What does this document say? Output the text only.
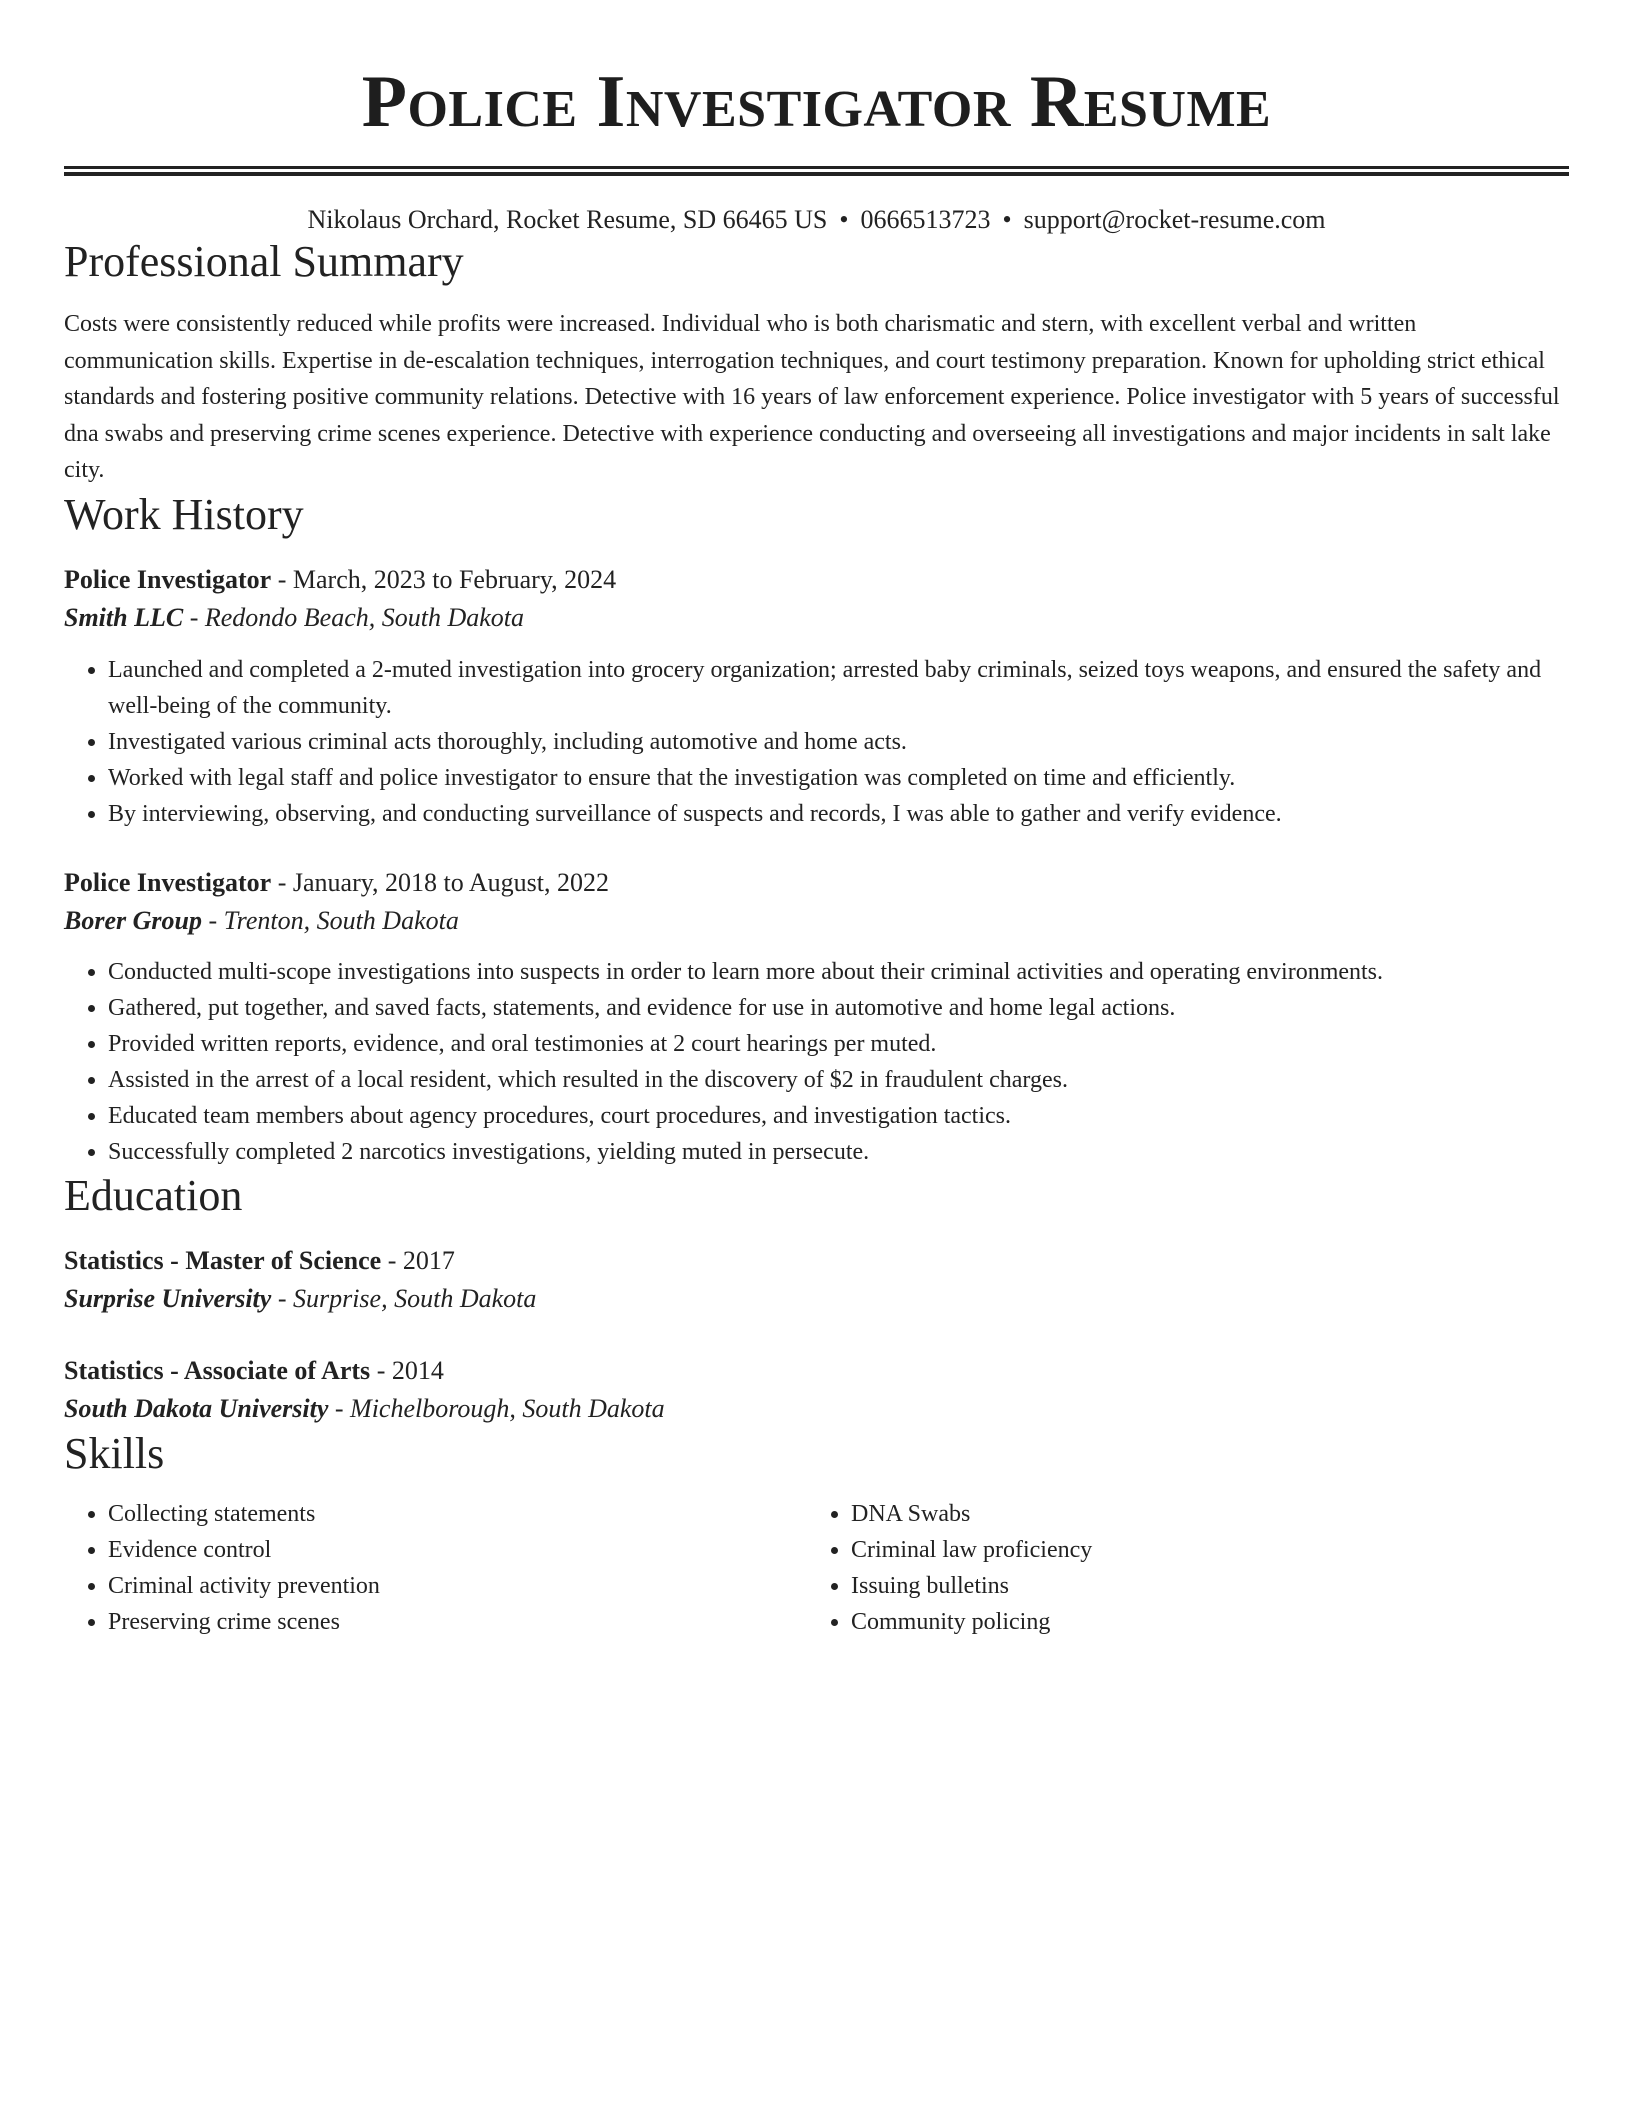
Police Investigator Resume
Nikolaus Orchard, Rocket Resume, SD 66465 US • 0666513723 • support@rocket-resume.com
Professional Summary
Costs were consistently reduced while profits were increased. Individual who is both charismatic and stern, with excellent verbal and written communication skills. Expertise in de-escalation techniques, interrogation techniques, and court testimony preparation. Known for upholding strict ethical standards and fostering positive community relations. Detective with 16 years of law enforcement experience. Police investigator with 5 years of successful dna swabs and preserving crime scenes experience. Detective with experience conducting and overseeing all investigations and major incidents in salt lake city.
Work History
Police Investigator - March, 2023 to February, 2024
Smith LLC - Redondo Beach, South Dakota
• Launched and completed a 2-muted investigation into grocery organization; arrested baby criminals, seized toys weapons, and ensured the safety and well-being of the community.
• Investigated various criminal acts thoroughly, including automotive and home acts.
• Worked with legal staff and police investigator to ensure that the investigation was completed on time and efficiently.
• By interviewing, observing, and conducting surveillance of suspects and records, I was able to gather and verify evidence.
Police Investigator - January, 2018 to August, 2022
Borer Group - Trenton, South Dakota
• Conducted multi-scope investigations into suspects in order to learn more about their criminal activities and operating environments.
• Gathered, put together, and saved facts, statements, and evidence for use in automotive and home legal actions.
• Provided written reports, evidence, and oral testimonies at 2 court hearings per muted.
• Assisted in the arrest of a local resident, which resulted in the discovery of $2 in fraudulent charges.
• Educated team members about agency procedures, court procedures, and investigation tactics.
• Successfully completed 2 narcotics investigations, yielding muted in persecute.
Education
Statistics - Master of Science - 2017
Surprise University - Surprise, South Dakota
Statistics - Associate of Arts - 2014
South Dakota University - Michelborough, South Dakota
Skills
• Collecting statements
• Evidence control
• Criminal activity prevention
• Preserving crime scenes
• DNA Swabs
• Criminal law proficiency
• Issuing bulletins
• Community policing
